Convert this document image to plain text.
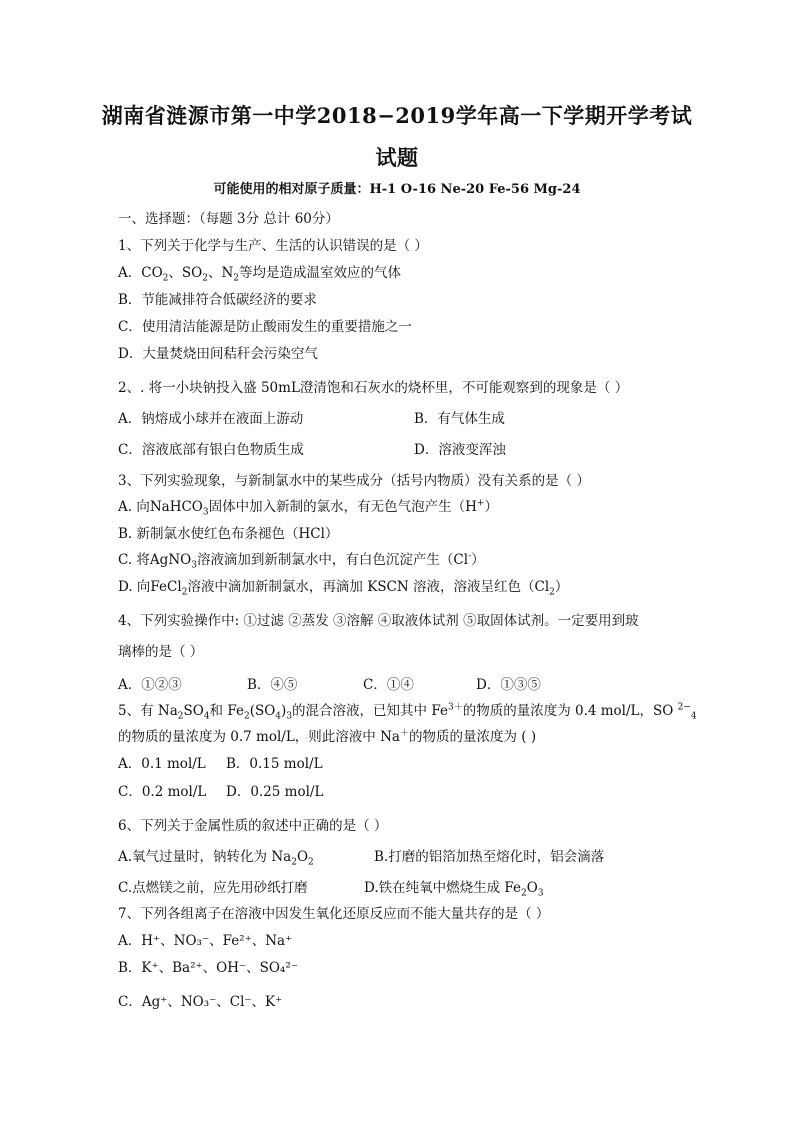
湖南省涟源市第一中学2018−2019学年高一下学期开学考试
试题
可能使用的相对原子质量：H-1 O-16 Ne-20 Fe-56 Mg-24
一、选择题：（每题 3分 总计 60分）
1、下列关于化学与生产、生活的认识错误的是（ ）
A．$CO_2$、$SO_2$、$N_2$等均是造成温室效应的气体
B．节能减排符合低碳经济的要求
C．使用清洁能源是防止酸雨发生的重要措施之一
D．大量焚烧田间秸秆会污染空气
2、. 将一小块钠投入盛 50mL澄清饱和石灰水的烧杯里，不可能观察到的现象是（ ）
A．钠熔成小球并在液面上游动	B．有气体生成
C．溶液底部有银白色物质生成	D．溶液变浑浊
3、下列实验现象，与新制氯水中的某些成分（括号内物质）没有关系的是（ ）
A. 向NaHCO$_3$固体中加入新制的氯水，有无色气泡产生（H+）
B. 新制氯水使红色布条褪色（HCl）
C. 将AgNO$_3$溶液滴加到新制氯水中，有白色沉淀产生（Cl-）
D. 向FeCl$_2$溶液中滴加新制氯水，再滴加 KSCN 溶液，溶液呈红色$(Cl_2)$
4、下列实验操作中: ①过滤 ②蒸发 ③溶解 ④取液体试剂 ⑤取固体试剂。一定要用到玻
璃棒的是（ ）
A．①②③	B．④⑤	C．①④	D．①③⑤
5、有 $Na_2SO_4$和 $Fe_2(SO_4)_3$的混合溶液，已知其中 $Fe^{3+}$的物质的量浓度为 0.4 mol/L，SO $^{2-}_4$
的物质的量浓度为 0.7 mol/L，则此溶液中 Na＋的物质的量浓度为 ( )
A．0.1 mol/L B．0.15 mol/L
C．0.2 mol/L D．0.25 mol/L
6、下列关于金属性质的叙述中正确的是（ ）
A.氧气过量时，钠转化为 $Na_2O_2$	B.打磨的铝箔加热至熔化时，铝会滴落
C.点燃镁之前，应先用砂纸打磨	D.铁在纯氧中燃烧生成 $Fe_2O_3$
7、下列各组离子在溶液中因发生氧化还原反应而不能大量共存的是（ ）
A．H⁺、NO₃⁻、Fe²⁺、Na⁺
B．K⁺、Ba²⁺、OH⁻、SO₄²⁻
C．Ag⁺、NO₃⁻、Cl⁻、K⁺
